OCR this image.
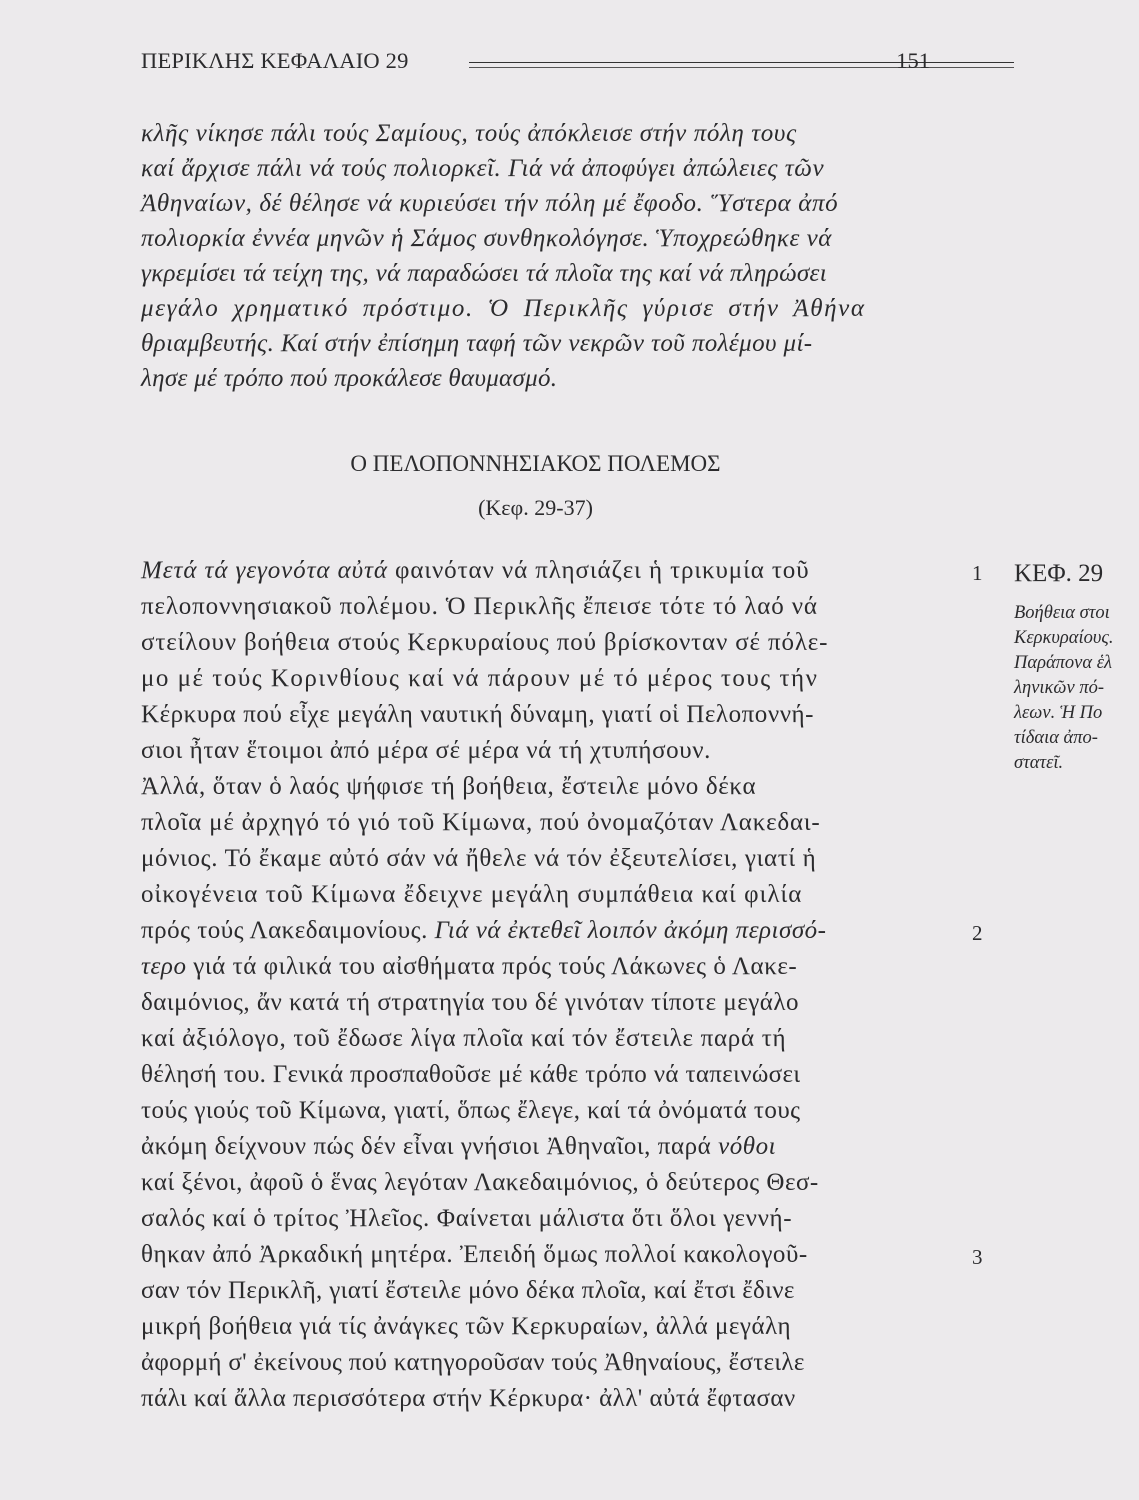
ΠΕΡΙΚΛΗΣ ΚΕΦΑΛΑΙΟ 29	151
κλῆς νίκησε πάλι τούς Σαμίους, τούς ἀπόκλεισε στήν πόλη τους
καί ἄρχισε πάλι νά τούς πολιορκεῖ. Γιά νά ἀποφύγει ἀπώλειες τῶν
Ἀθηναίων, δέ θέλησε νά κυριεύσει τήν πόλη μέ ἔφοδο. Ὕστερα ἀπό
πολιορκία ἐννέα μηνῶν ἡ Σάμος συνθηκολόγησε. Ὑποχρεώθηκε νά
γκρεμίσει τά τείχη της, νά παραδώσει τά πλοῖα της καί νά πληρώσει
μεγάλο χρηματικό πρόστιμο. Ὁ Περικλῆς γύρισε στήν Ἀθήνα
θριαμβευτής. Καί στήν ἐπίσημη ταφή τῶν νεκρῶν τοῦ πολέμου μί-
λησε μέ τρόπο πού προκάλεσε θαυμασμό.
Ο ΠΕΛΟΠΟΝΝΗΣΙΑΚΟΣ ΠΟΛΕΜΟΣ
(Κεφ. 29-37)
Μετά τά γεγονότα αὐτά φαινόταν νά πλησιάζει ἡ τρικυμία τοῦ
πελοποννησιακοῦ πολέμου. Ὁ Περικλῆς ἔπεισε τότε τό λαό νά
στείλουν βοήθεια στούς Κερκυραίους πού βρίσκονταν σέ πόλε-
μο μέ τούς Κορινθίους καί νά πάρουν μέ τό μέρος τους τήν
Κέρκυρα πού εἶχε μεγάλη ναυτική δύναμη, γιατί οἱ Πελοποννή-
σιοι ἦταν ἕτοιμοι ἀπό μέρα σέ μέρα νά τή χτυπήσουν.
Ἀλλά, ὅταν ὁ λαός ψήφισε τή βοήθεια, ἔστειλε μόνο δέκα
πλοῖα μέ ἀρχηγό τό γιό τοῦ Κίμωνα, πού ὀνομαζόταν Λακεδαι-
μόνιος. Τό ἔκαμε αὐτό σάν νά ἤθελε νά τόν ἐξευτελίσει, γιατί ἡ
οἰκογένεια τοῦ Κίμωνα ἔδειχνε μεγάλη συμπάθεια καί φιλία
πρός τούς Λακεδαιμονίους. Γιά νά ἐκτεθεῖ λοιπόν ἀκόμη περισσό-
τερο γιά τά φιλικά του αἰσθήματα πρός τούς Λάκωνες ὁ Λακε-
δαιμόνιος, ἄν κατά τή στρατηγία του δέ γινόταν τίποτε μεγάλο
καί ἀξιόλογο, τοῦ ἔδωσε λίγα πλοῖα καί τόν ἔστειλε παρά τή
θέλησή του. Γενικά προσπαθοῦσε μέ κάθε τρόπο νά ταπεινώσει
τούς γιούς τοῦ Κίμωνα, γιατί, ὅπως ἔλεγε, καί τά ὀνόματά τους
ἀκόμη δείχνουν πώς δέν εἶναι γνήσιοι Ἀθηναῖοι, παρά νόθοι
καί ξένοι, ἀφοῦ ὁ ἕνας λεγόταν Λακεδαιμόνιος, ὁ δεύτερος Θεσ-
σαλός καί ὁ τρίτος Ἠλεῖος. Φαίνεται μάλιστα ὅτι ὅλοι γεννή-
θηκαν ἀπό Ἀρκαδική μητέρα. Ἐπειδή ὅμως πολλοί κακολογοῦ-
σαν τόν Περικλῆ, γιατί ἔστειλε μόνο δέκα πλοῖα, καί ἔτσι ἔδινε
μικρή βοήθεια γιά τίς ἀνάγκες τῶν Κερκυραίων, ἀλλά μεγάλη
ἀφορμή σ' ἐκείνους πού κατηγοροῦσαν τούς Ἀθηναίους, ἔστειλε
πάλι καί ἄλλα περισσότερα στήν Κέρκυρα· ἀλλ' αὐτά ἔφτασαν
1
2
3
ΚΕΦ. 29
Βοήθεια στοι
Κερκυραίους.
Παράπονα ἑλ
ληνικῶν πό-
λεων. Ἡ Πο
τίδαια ἀπο-
στατεῖ.
